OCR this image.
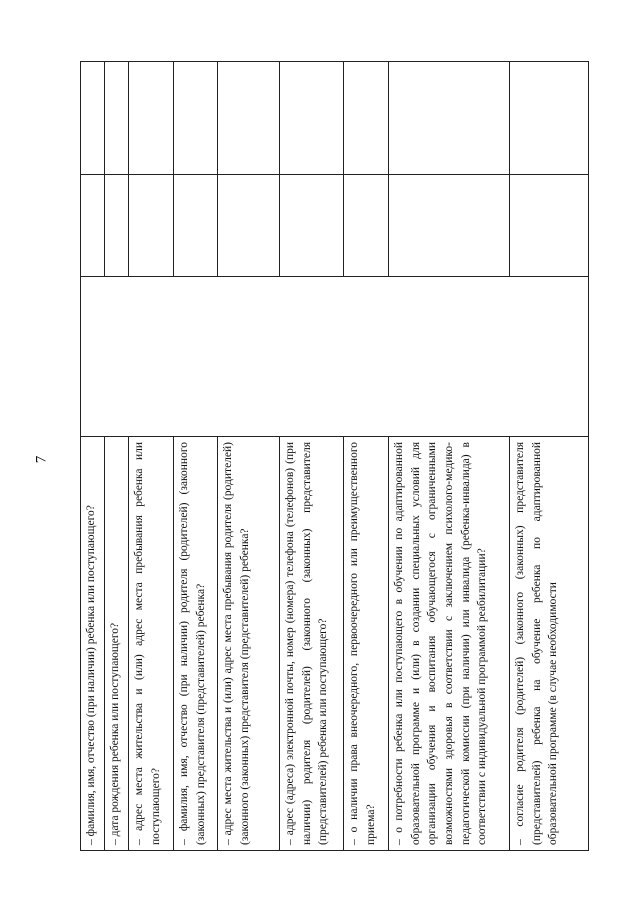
7
– фамилия, имя, отчество (при наличии) ребенка или поступающего?			
– дата рождения ребенка или поступающего?			
– адрес места жительства и (или) адрес места пребывания ребенка или поступающего?			
– фамилия, имя, отчество (при наличии) родителя (родителей) (законного (законных) представителя (представителей) ребенка?			
– адрес места жительства и (или) адрес места пребывания родителя (родителей) (законного (законных) представителя (представителей) ребенка?			
– адрес (адреса) электронной почты, номер (номера) телефона (телефонов) (при наличии) родителя (родителей) (законного (законных) представителя (представителей) ребенка или поступающего?			
– о наличии права внеочередного, первоочередного или преимущественного приема?			
– о потребности ребенка или поступающего в обучении по адаптированной образовательной программе и (или) в создании специальных условий для организации обучения и воспитания обучающегося с ограниченными возможностями здоровья в соответствии с заключением психолого-медико-педагогической комиссии (при наличии) или инвалида (ребенка-инвалида) в соответствии с индивидуальной программой реабилитации?			
– согласие родителя (родителей) (законного (законных) представителя (представителей) ребенка на обучение ребенка по адаптированной образовательной программе (в случае необходимости			
